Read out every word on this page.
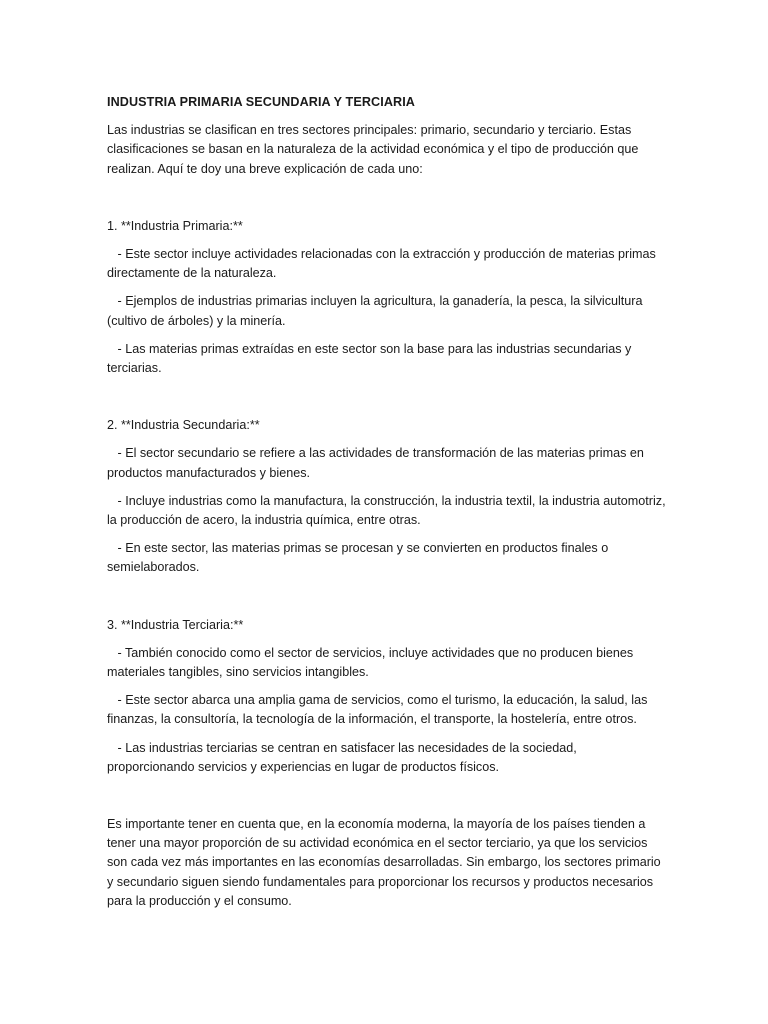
INDUSTRIA PRIMARIA SECUNDARIA Y TERCIARIA

Las industrias se clasifican en tres sectores principales: primario, secundario y terciario. Estas clasificaciones se basan en la naturaleza de la actividad económica y el tipo de producción que realizan. Aquí te doy una breve explicación de cada uno:

1. **Industria Primaria:**

- Este sector incluye actividades relacionadas con la extracción y producción de materias primas directamente de la naturaleza.

- Ejemplos de industrias primarias incluyen la agricultura, la ganadería, la pesca, la silvicultura (cultivo de árboles) y la minería.

- Las materias primas extraídas en este sector son la base para las industrias secundarias y terciarias.

2. **Industria Secundaria:**

- El sector secundario se refiere a las actividades de transformación de las materias primas en productos manufacturados y bienes.

- Incluye industrias como la manufactura, la construcción, la industria textil, la industria automotriz, la producción de acero, la industria química, entre otras.

- En este sector, las materias primas se procesan y se convierten en productos finales o semielaborados.

3. **Industria Terciaria:**

- También conocido como el sector de servicios, incluye actividades que no producen bienes materiales tangibles, sino servicios intangibles.

- Este sector abarca una amplia gama de servicios, como el turismo, la educación, la salud, las finanzas, la consultoría, la tecnología de la información, el transporte, la hostelería, entre otros.

- Las industrias terciarias se centran en satisfacer las necesidades de la sociedad, proporcionando servicios y experiencias en lugar de productos físicos.

Es importante tener en cuenta que, en la economía moderna, la mayoría de los países tienden a tener una mayor proporción de su actividad económica en el sector terciario, ya que los servicios son cada vez más importantes en las economías desarrolladas. Sin embargo, los sectores primario y secundario siguen siendo fundamentales para proporcionar los recursos y productos necesarios para la producción y el consumo.
